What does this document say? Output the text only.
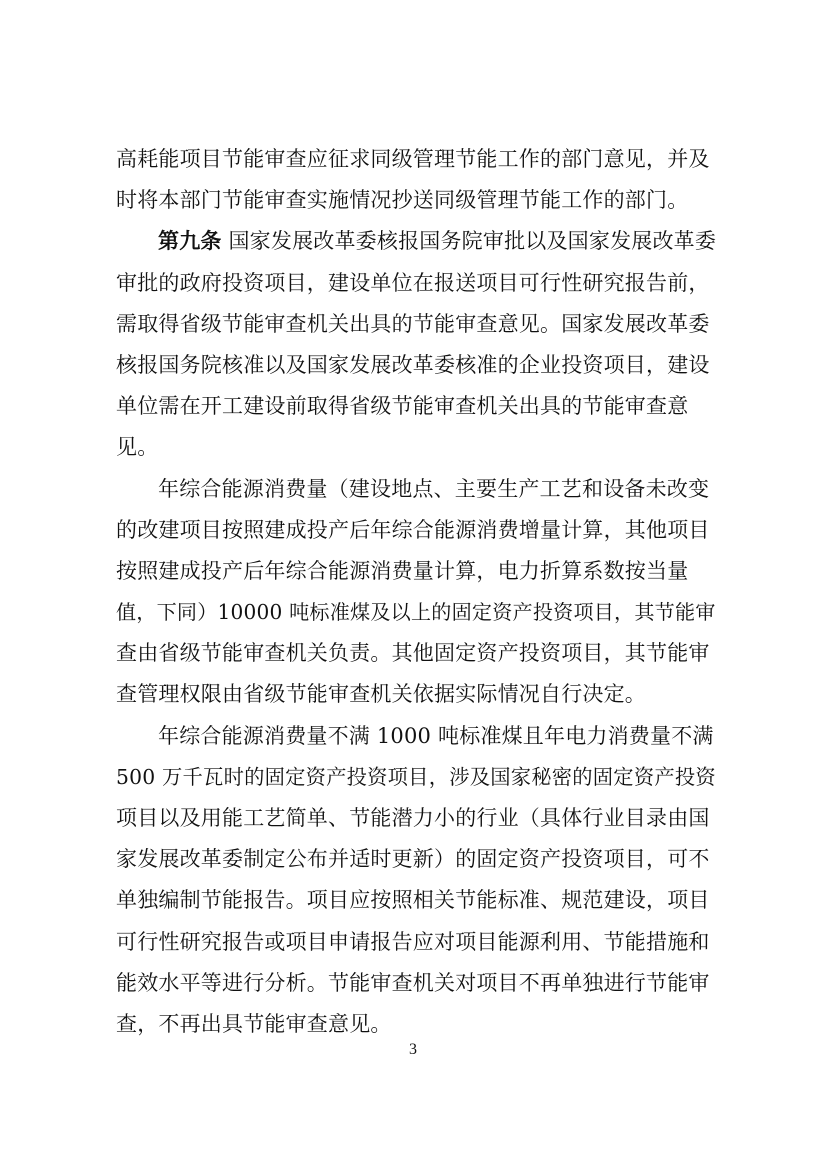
高耗能项目节能审查应征求同级管理节能工作的部门意见，并及
时将本部门节能审查实施情况抄送同级管理节能工作的部门。
第九条 国家发展改革委核报国务院审批以及国家发展改革委
审批的政府投资项目，建设单位在报送项目可行性研究报告前，
需取得省级节能审查机关出具的节能审查意见。国家发展改革委
核报国务院核准以及国家发展改革委核准的企业投资项目，建设
单位需在开工建设前取得省级节能审查机关出具的节能审查意
见。
年综合能源消费量（建设地点、主要生产工艺和设备未改变
的改建项目按照建成投产后年综合能源消费增量计算，其他项目
按照建成投产后年综合能源消费量计算，电力折算系数按当量
值，下同）10000 吨标准煤及以上的固定资产投资项目，其节能审
查由省级节能审查机关负责。其他固定资产投资项目，其节能审
查管理权限由省级节能审查机关依据实际情况自行决定。
年综合能源消费量不满 1000 吨标准煤且年电力消费量不满
500 万千瓦时的固定资产投资项目，涉及国家秘密的固定资产投资
项目以及用能工艺简单、节能潜力小的行业（具体行业目录由国
家发展改革委制定公布并适时更新）的固定资产投资项目，可不
单独编制节能报告。项目应按照相关节能标准、规范建设，项目
可行性研究报告或项目申请报告应对项目能源利用、节能措施和
能效水平等进行分析。节能审查机关对项目不再单独进行节能审
查，不再出具节能审查意见。
3
